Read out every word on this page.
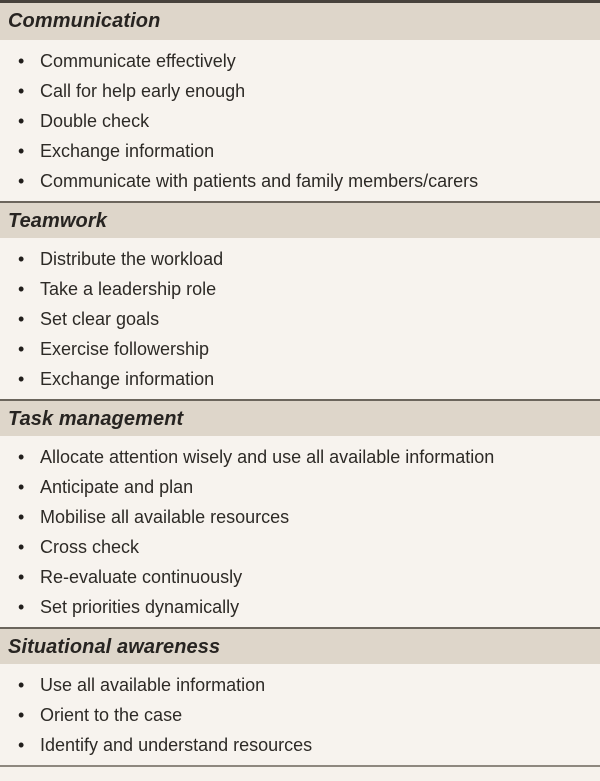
Communication
• Communicate effectively
• Call for help early enough
• Double check
• Exchange information
• Communicate with patients and family members/carers
Teamwork
• Distribute the workload
• Take a leadership role
• Set clear goals
• Exercise followership
• Exchange information
Task management
• Allocate attention wisely and use all available information
• Anticipate and plan
• Mobilise all available resources
• Cross check
• Re-evaluate continuously
• Set priorities dynamically
Situational awareness
• Use all available information
• Orient to the case
• Identify and understand resources
